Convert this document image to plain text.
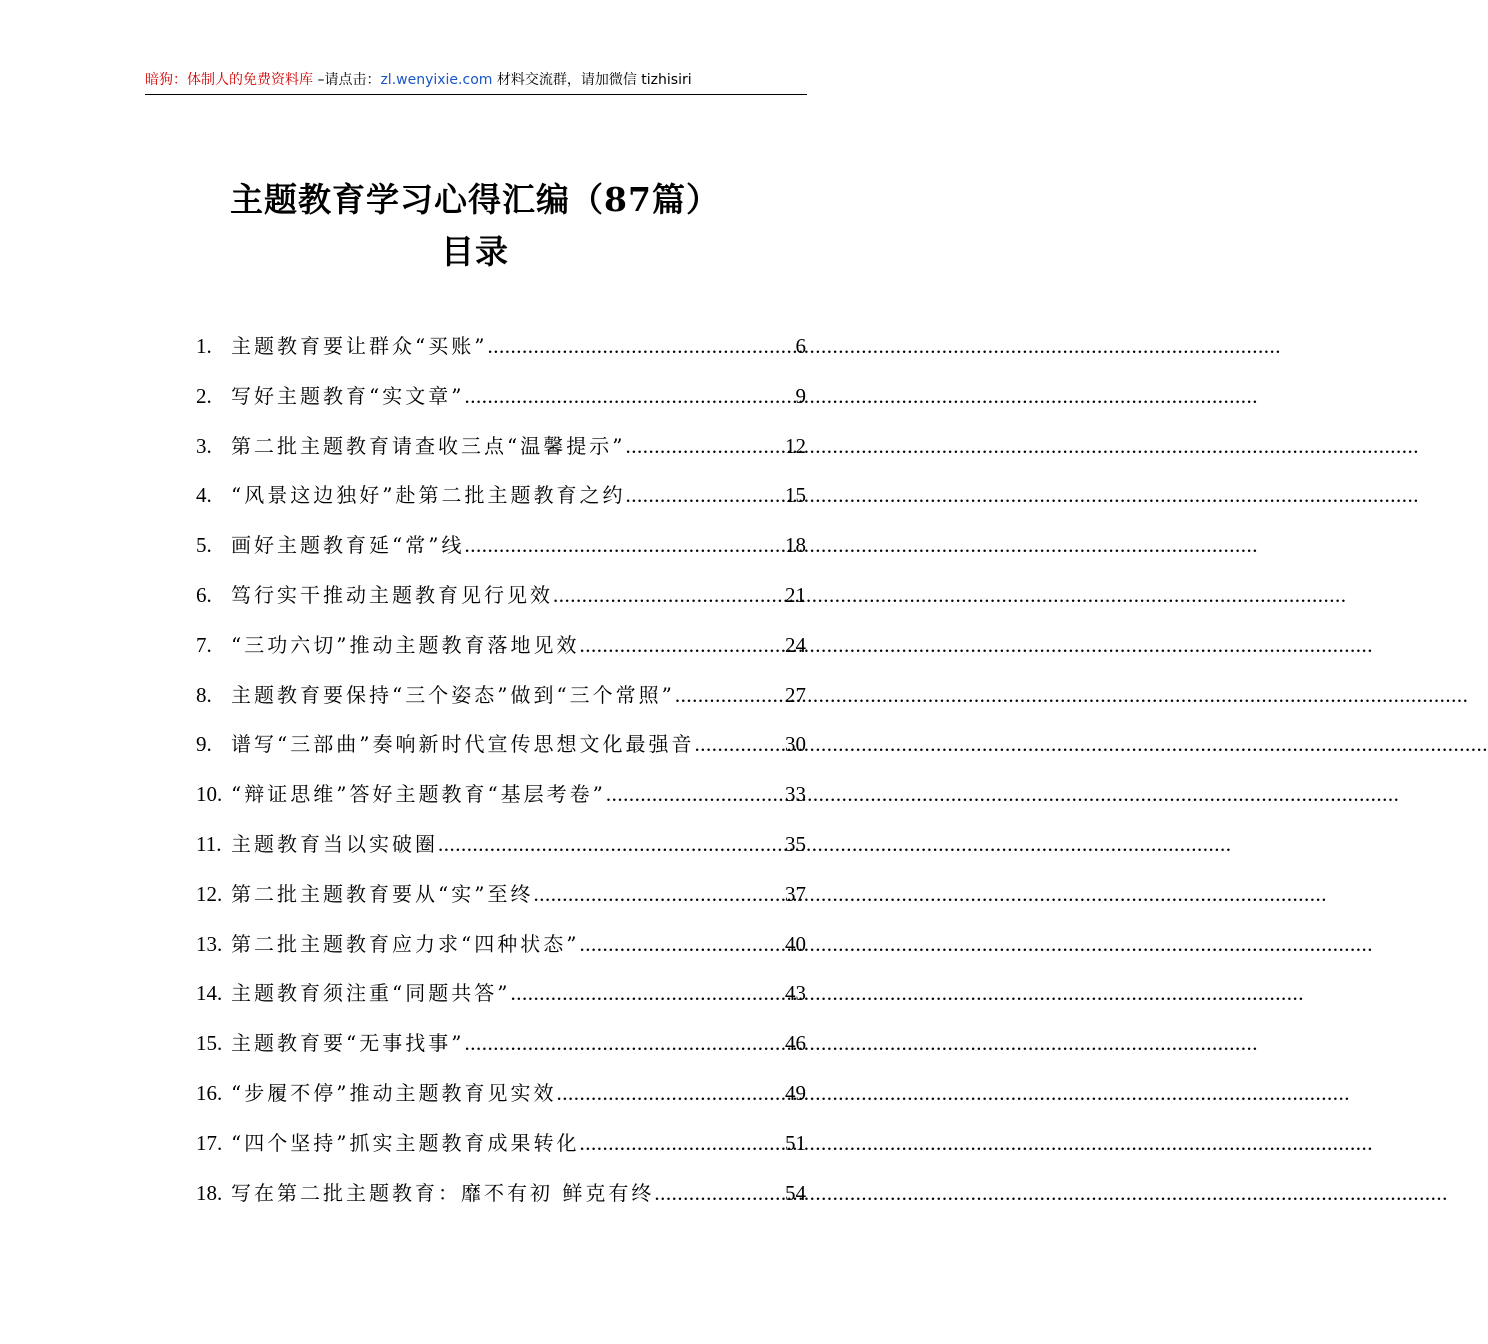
暗狗：体制人的免费资料库 –请点击：zl.wenyixie.com 材料交流群，请加微信 tizhisiri
主题教育学习心得汇编（87篇）
目录
1. 主题教育要让群众“买账” .....	6
2. 写好主题教育“实文章” .....	9
3. 第二批主题教育请查收三点“温馨提示” .....	12
4. “风景这边独好”赴第二批主题教育之约 .....	15
5. 画好主题教育延“常”线 .....	18
6. 笃行实干推动主题教育见行见效 .....	21
7. “三功六切”推动主题教育落地见效 .....	24
8. 主题教育要保持“三个姿态”做到“三个常照” .....	27
9. 谱写“三部曲”奏响新时代宣传思想文化最强音 .....	30
10. “辩证思维”答好主题教育“基层考卷” .....	33
11. 主题教育当以实破圈 .....	35
12. 第二批主题教育要从“实”至终 .....	37
13. 第二批主题教育应力求“四种状态” .....	40
14. 主题教育须注重“同题共答” .....	43
15. 主题教育要“无事找事” .....	46
16. “步履不停”推动主题教育见实效 .....	49
17. “四个坚持”抓实主题教育成果转化 .....	51
18. 写在第二批主题教育：靡不有初 鲜克有终 .....	54
